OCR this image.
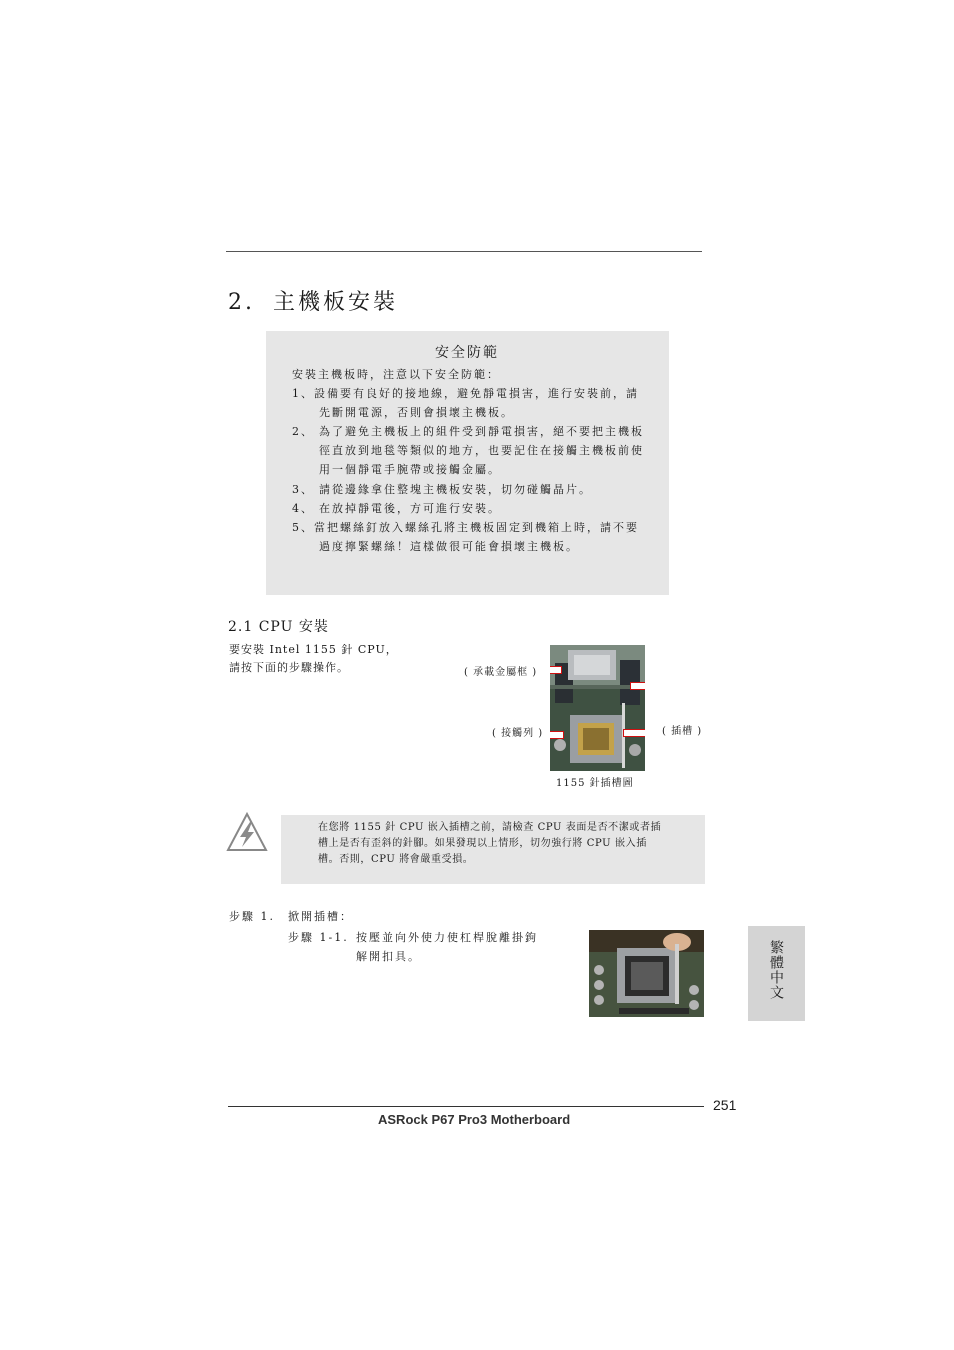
2. 主機板安裝
安全防範
安裝主機板時，注意以下安全防範：
1、設備要有良好的接地線，避免靜電損害，進行安裝前，請
先斷開電源，否則會損壞主機板。
2、 為了避免主機板上的組件受到靜電損害，絕不要把主機板
徑直放到地毯等類似的地方，也要記住在接觸主機板前使
用一個靜電手腕帶或接觸金屬。
3、 請從邊緣拿住整塊主機板安裝，切勿碰觸晶片。
4、 在放掉靜電後，方可進行安裝。
5、當把螺絲釘放入螺絲孔將主機板固定到機箱上時，請不要
過度擰緊螺絲！這樣做很可能會損壞主機板。
2.1 CPU 安裝
要安裝 Intel 1155 針 CPU，
請按下面的步驟操作。	( 承載金屬框 )
( 接觸列 )	( 插槽 )
1155 針插槽圖
在您將 1155 針 CPU 嵌入插槽之前，請檢查 CPU 表面是否不潔或者插
槽上是否有歪斜的針腳。如果發現以上情形，切勿強行將 CPU 嵌入插
槽。否則，CPU 將會嚴重受損。
步驟 1. 掀開插槽：
步驟 1-1. 按壓並向外使力使杠桿脫離掛鉤
解開扣具。	繁體中文
251
ASRock P67 Pro3 Motherboard
